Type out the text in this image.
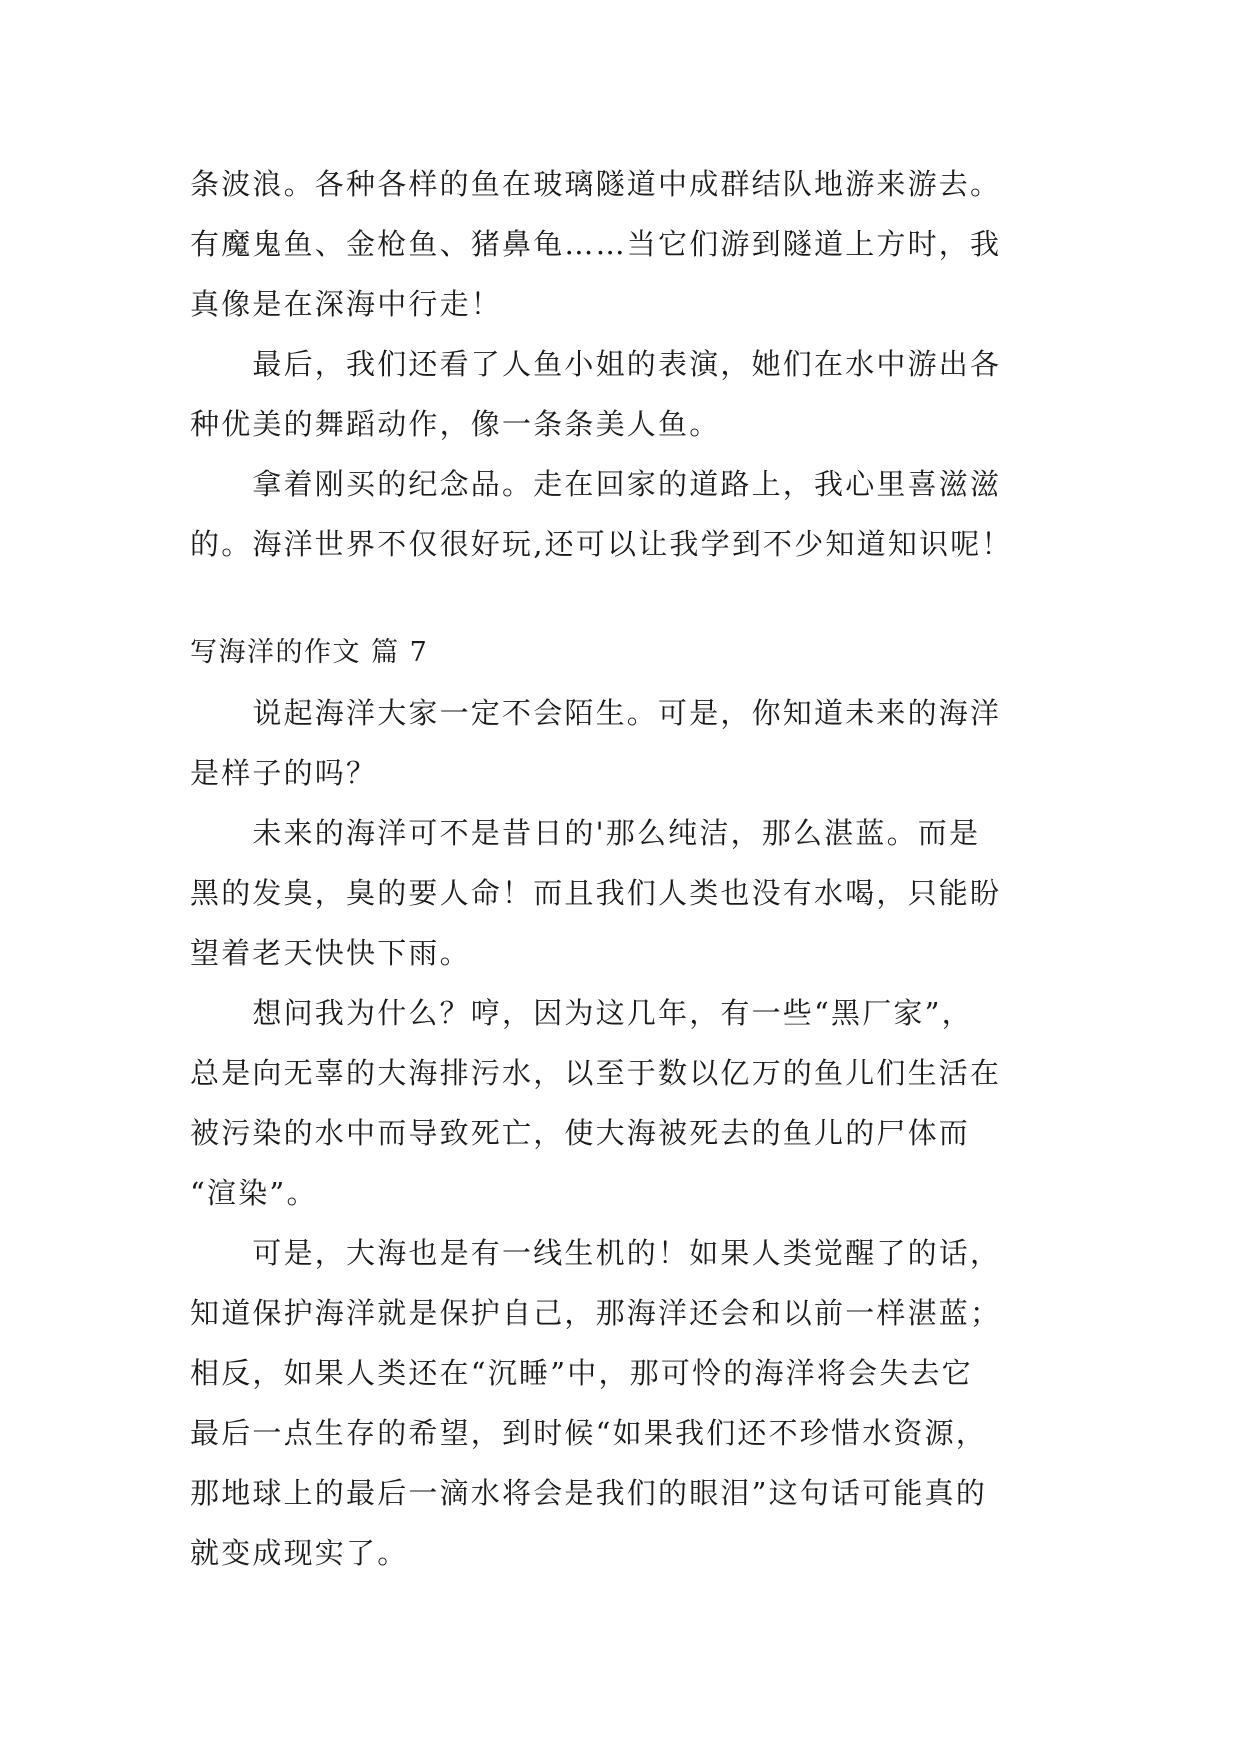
条波浪。各种各样的鱼在玻璃隧道中成群结队地游来游去。
有魔鬼鱼、金枪鱼、猪鼻龟……当它们游到隧道上方时，我
真像是在深海中行走！
　　最后，我们还看了人鱼小姐的表演，她们在水中游出各
种优美的舞蹈动作，像一条条美人鱼。
　　拿着刚买的纪念品。走在回家的道路上，我心里喜滋滋
的。海洋世界不仅很好玩,还可以让我学到不少知道知识呢！
写海洋的作文 篇 7
　　说起海洋大家一定不会陌生。可是，你知道未来的海洋
是样子的吗？
　　未来的海洋可不是昔日的'那么纯洁，那么湛蓝。而是
黑的发臭，臭的要人命！而且我们人类也没有水喝，只能盼
望着老天快快下雨。
　　想问我为什么？哼，因为这几年，有一些“黑厂家”，
总是向无辜的大海排污水，以至于数以亿万的鱼儿们生活在
被污染的水中而导致死亡，使大海被死去的鱼儿的尸体而
“渲染”。
　　可是，大海也是有一线生机的！如果人类觉醒了的话，
知道保护海洋就是保护自己，那海洋还会和以前一样湛蓝；
相反，如果人类还在“沉睡”中，那可怜的海洋将会失去它
最后一点生存的希望，到时候“如果我们还不珍惜水资源，
那地球上的最后一滴水将会是我们的眼泪”这句话可能真的
就变成现实了。
